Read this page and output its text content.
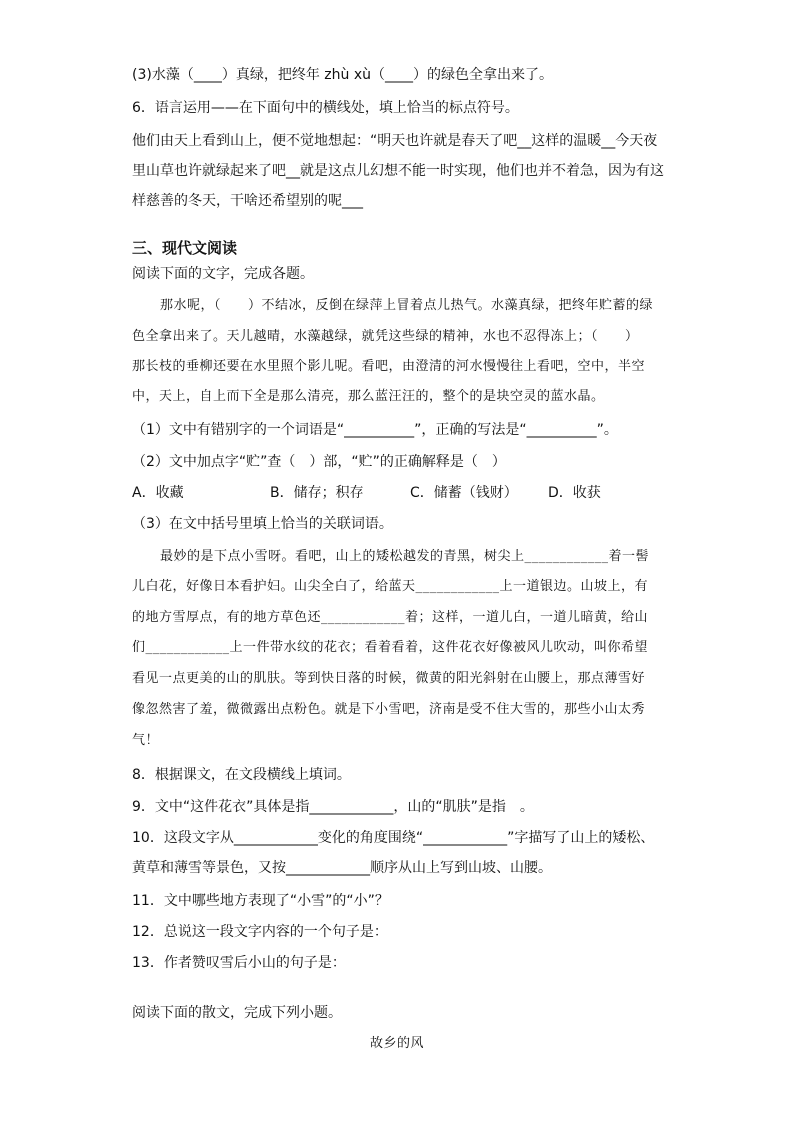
(3)水藻（____）真绿，把终年 zhù xù（____）的绿色全拿出来了。
6．语言运用——在下面句中的横线处，填上恰当的标点符号。
他们由天上看到山上，便不觉地想起：“明天也许就是春天了吧__这样的温暖__今天夜
里山草也许就绿起来了吧__就是这点儿幻想不能一时实现，他们也并不着急，因为有这
样慈善的冬天，干啥还希望别的呢___
三、现代文阅读
阅读下面的文字，完成各题。
那水呢，（　　）不结冰，反倒在绿萍上冒着点儿热气。水藻真绿，把终年贮蓄的绿
色全拿出来了。天儿越晴，水藻越绿，就凭这些绿的精神，水也不忍得冻上；（　　）
那长枝的垂柳还要在水里照个影儿呢。看吧，由澄清的河水慢慢往上看吧，空中，半空
中，天上，自上而下全是那么清亮，那么蓝汪汪的，整个的是块空灵的蓝水晶。
（1）文中有错别字的一个词语是“__________”，正确的写法是“__________”。
（2）文中加点字“贮”查（　）部，“贮”的正确解释是（　）
A．收藏	B．储存；积存	C．储蓄（钱财） D．收获
（3）在文中括号里填上恰当的关联词语。
最妙的是下点小雪呀。看吧，山上的矮松越发的青黑，树尖上____________着一髻
儿白花，好像日本看护妇。山尖全白了，给蓝天____________上一道银边。山坡上，有
的地方雪厚点，有的地方草色还____________着；这样，一道儿白，一道儿暗黄，给山
们____________上一件带水纹的花衣；看着看着，这件花衣好像被风儿吹动，叫你希望
看见一点更美的山的肌肤。等到快日落的时候，微黄的阳光斜射在山腰上，那点薄雪好
像忽然害了羞，微微露出点粉色。就是下小雪吧，济南是受不住大雪的，那些小山太秀
气！
8．根据课文，在文段横线上填词。
9．文中“这件花衣”具体是指____________，山的“肌肤”是指　。
10．这段文字从____________变化的角度围绕“____________”字描写了山上的矮松、
黄草和薄雪等景色，又按____________顺序从山上写到山坡、山腰。
11．文中哪些地方表现了“小雪”的“小”？
12．总说这一段文字内容的一个句子是：
13．作者赞叹雪后小山的句子是：
阅读下面的散文，完成下列小题。
故乡的风
